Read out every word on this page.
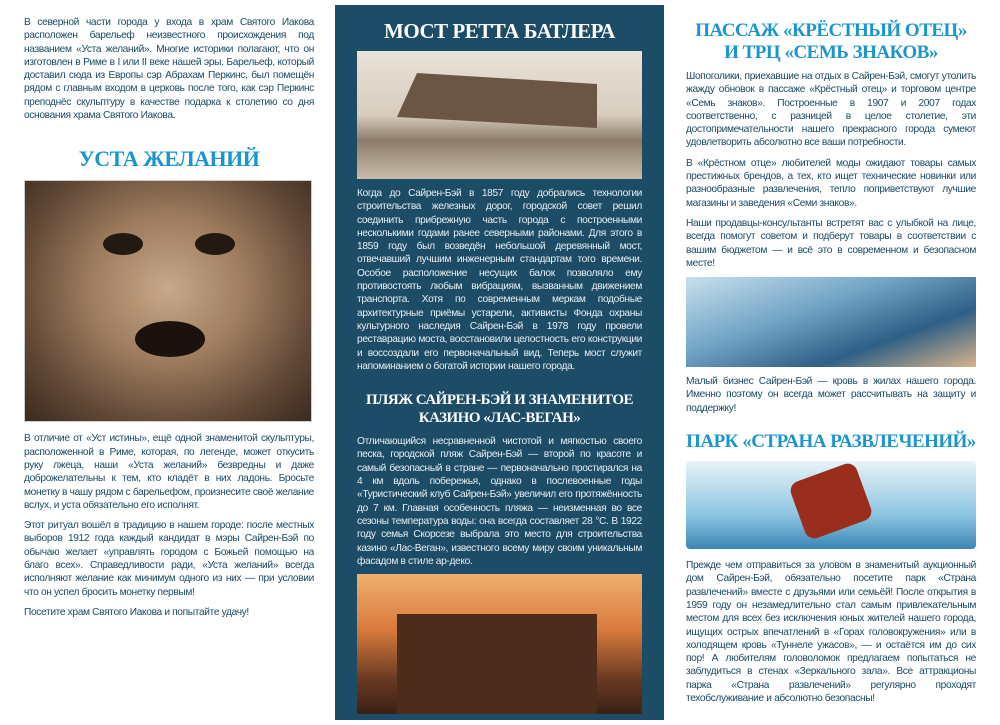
В северной части города у входа в храм Святого Иакова расположен барельеф неизвестного происхождения под названием «Уста желаний». Многие историки полагают, что он изготовлен в Риме в I или II веке нашей эры. Барельеф, который доставил сюда из Европы сэр Абрахам Перкинс, был помещён рядом с главным входом в церковь после того, как сэр Перкинс преподнёс скульптуру в качестве подарка к столетию со дня основания храма Святого Иакова.

УСТА ЖЕЛАНИЙ

В отличие от «Уст истины», ещё одной знаменитой скульптуры, расположенной в Риме, которая, по легенде, может откусить руку лжеца, наши «Уста желаний» безвредны и даже доброжелательны к тем, кто кладёт в них ладонь. Бросьте монетку в чашу рядом с барельефом, произнесите своё желание вслух, и уста обязательно его исполнят.

Этот ритуал вошёл в традицию в нашем городе: после местных выборов 1912 года каждый кандидат в мэры Сайрен-Бэй по обычаю желает «управлять городом с Божьей помощью на благо всех». Справедливости ради, «Уста желаний» всегда исполняют желание как минимум одного из них — при условии что он успел бросить монетку первым!

Посетите храм Святого Иакова и попытайте удачу!

МОСТ РЕТТА БАТЛЕРА

Когда до Сайрен-Бэй в 1857 году добрались технологии строительства железных дорог, городской совет решил соединить прибрежную часть города с построенными несколькими годами ранее северными районами. Для этого в 1859 году был возведён небольшой деревянный мост, отвечавший лучшим инженерным стандартам того времени. Особое расположение несущих балок позволяло ему противостоять любым вибрациям, вызванным движением транспорта. Хотя по современным меркам подобные архитектурные приёмы устарели, активисты Фонда охраны культурного наследия Сайрен-Бэй в 1978 году провели реставрацию моста, восстановили целостность его конструкции и воссоздали его первоначальный вид. Теперь мост служит напоминанием о богатой истории нашего города.

ПЛЯЖ САЙРЕН-БЭЙ И ЗНАМЕНИТОЕ КАЗИНО «ЛАС-ВЕГАН»

Отличающийся несравненной чистотой и мягкостью своего песка, городской пляж Сайрен-Бэй — второй по красоте и самый безопасный в стране — первоначально простирался на 4 км вдоль побережья, однако в послевоенные годы «Туристический клуб Сайрен-Бэй» увеличил его протяжённость до 7 км. Главная особенность пляжа — неизменная во все сезоны температура воды: она всегда составляет 28 °C. В 1922 году семья Скорсезе выбрала это место для строительства казино «Лас-Веган», известного всему миру своим уникальным фасадом в стиле ар-деко.

ПАССАЖ «КРЁСТНЫЙ ОТЕЦ» И ТРЦ «СЕМЬ ЗНАКОВ»

Шопоголики, приехавшие на отдых в Сайрен-Бэй, смогут утолить жажду обновок в пассаже «Крёстный отец» и торговом центре «Семь знаков». Построенные в 1907 и 2007 годах соответственно, с разницей в целое столетие, эти достопримечательности нашего прекрасного города сумеют удовлетворить абсолютно все ваши потребности.

В «Крёстном отце» любителей моды ожидают товары самых престижных брендов, а тех, кто ищет технические новинки или разнообразные развлечения, тепло поприветствуют лучшие магазины и заведения «Семи знаков».

Наши продавцы-консультанты встретят вас с улыбкой на лице, всегда помогут советом и подберут товары в соответствии с вашим бюджетом — и всё это в современном и безопасном месте!

Малый бизнес Сайрен-Бэй — кровь в жилах нашего города. Именно поэтому он всегда может рассчитывать на защиту и поддержку!

ПАРК «СТРАНА РАЗВЛЕЧЕНИЙ»

Прежде чем отправиться за уловом в знаменитый аукционный дом Сайрен-Бэй, обязательно посетите парк «Страна развлечений» вместе с друзьями или семьёй! После открытия в 1959 году он незамедлительно стал самым привлекательным местом для всех без исключения юных жителей нашего города, ищущих острых впечатлений в «Горах головокружения» или в холодящем кровь «Туннеле ужасов», — и остаётся им до сих пор! А любителям головоломок предлагаем попытаться не заблудиться в стенах «Зеркального зала». Все аттракционы парка «Страна развлечений» регулярно проходят техобслуживание и абсолютно безопасны!
